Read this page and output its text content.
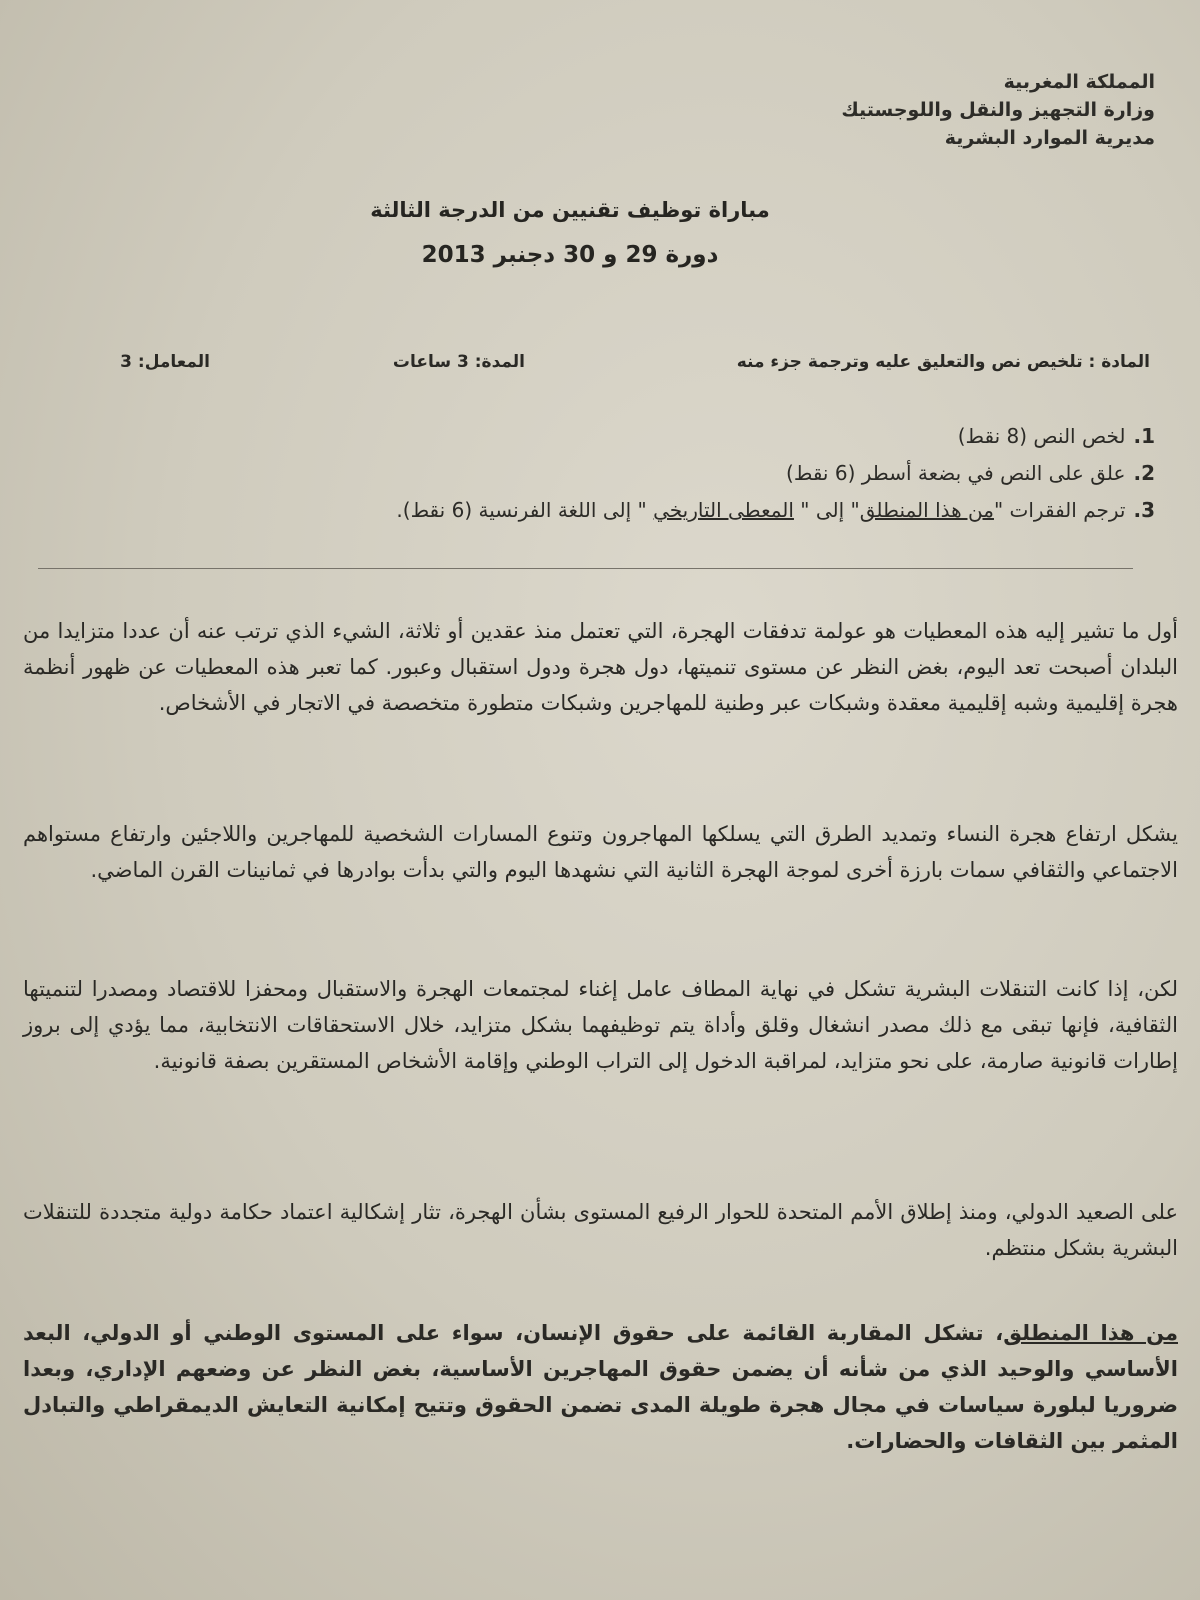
المملكة المغربية
وزارة التجهيز والنقل واللوجستيك
مديرية الموارد البشرية
مباراة توظيف تقنيين من الدرجة الثالثة
دورة 29 و 30 دجنبر 2013
المادة : تلخيص نص والتعليق عليه وترجمة جزء منه
المدة: 3 ساعات
المعامل: 3
1.لخص النص (8 نقط)
2.علق على النص في بضعة أسطر (6 نقط)
3.ترجم الفقرات "من هذا المنطلق" إلى " المعطى التاريخي " إلى اللغة الفرنسية (6 نقط).

أول ما تشير إليه هذه المعطيات هو عولمة تدفقات الهجرة، التي تعتمل منذ عقدين أو ثلاثة، الشيء الذي ترتب عنه أن عددا متزايدا من البلدان أصبحت تعد اليوم، بغض النظر عن مستوى تنميتها، دول هجرة ودول استقبال وعبور. كما تعبر هذه المعطيات عن ظهور أنظمة هجرة إقليمية وشبه إقليمية معقدة وشبكات عبر وطنية للمهاجرين وشبكات متطورة متخصصة في الاتجار في الأشخاص.

يشكل ارتفاع هجرة النساء وتمديد الطرق التي يسلكها المهاجرون وتنوع المسارات الشخصية للمهاجرين واللاجئين وارتفاع مستواهم الاجتماعي والثقافي سمات بارزة أخرى لموجة الهجرة الثانية التي نشهدها اليوم والتي بدأت بوادرها في ثمانينات القرن الماضي.

لكن، إذا كانت التنقلات البشرية تشكل في نهاية المطاف عامل إغناء لمجتمعات الهجرة والاستقبال ومحفزا للاقتصاد ومصدرا لتنميتها الثقافية، فإنها تبقى مع ذلك مصدر انشغال وقلق وأداة يتم توظيفهما بشكل متزايد، خلال الاستحقاقات الانتخابية، مما يؤدي إلى بروز إطارات قانونية صارمة، على نحو متزايد، لمراقبة الدخول إلى التراب الوطني وإقامة الأشخاص المستقرين بصفة قانونية.

على الصعيد الدولي، ومنذ إطلاق الأمم المتحدة للحوار الرفيع المستوى بشأن الهجرة، تثار إشكالية اعتماد حكامة دولية متجددة للتنقلات البشرية بشكل منتظم.

من هذا المنطلق، تشكل المقاربة القائمة على حقوق الإنسان، سواء على المستوى الوطني أو الدولي، البعد الأساسي والوحيد الذي من شأنه أن يضمن حقوق المهاجرين الأساسية، بغض النظر عن وضعهم الإداري، وبعدا ضروريا لبلورة سياسات في مجال هجرة طويلة المدى تضمن الحقوق وتتيح إمكانية التعايش الديمقراطي والتبادل المثمر بين الثقافات والحضارات.
